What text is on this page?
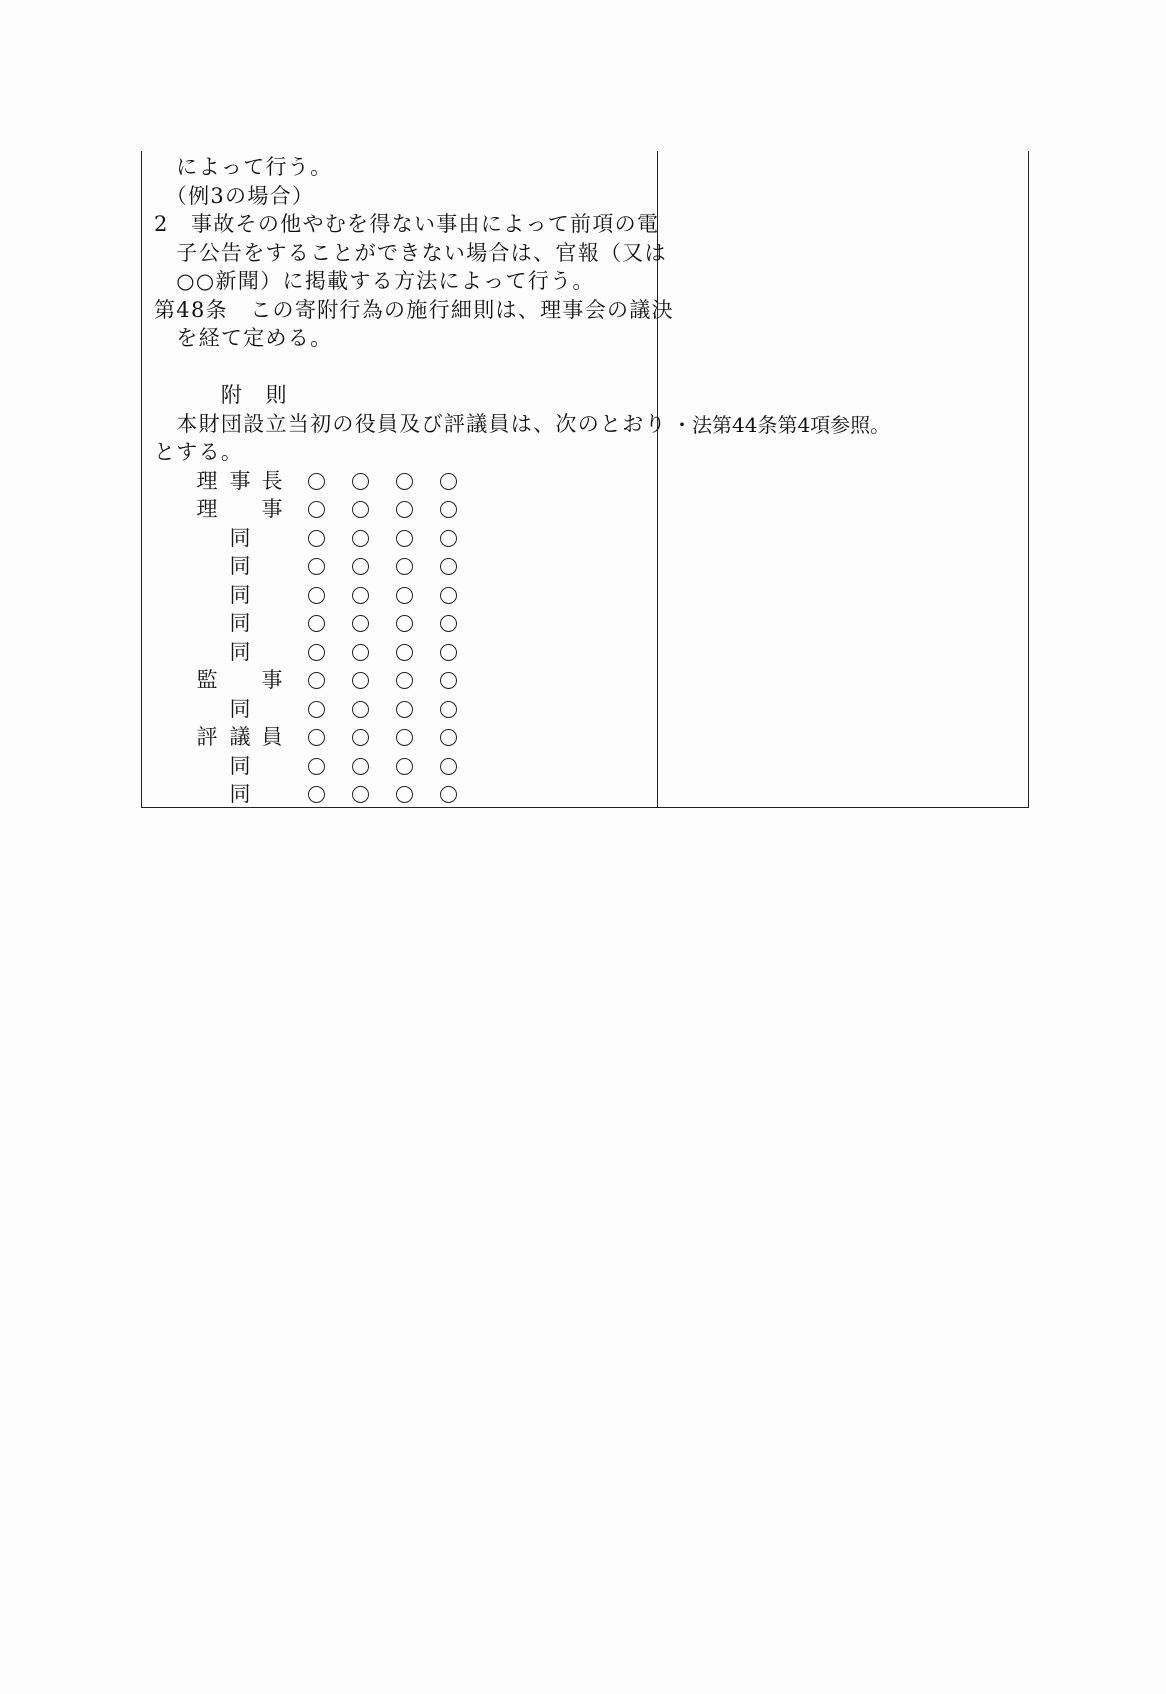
　によって行う。
　（例3の場合）
2　事故その他やむを得ない事由によって前項の電
　子公告をすることができない場合は、官報（又は
　○○新聞）に掲載する方法によって行う。
第48条　この寄附行為の施行細則は、理事会の議決
　を経て定める。
　　　附　則
　本財団設立当初の役員及び評議員は、次のとおり
とする。
理 事 長
理 事
同
同
同
同
同
監 事
同
評 議 員
同
同
・法第44条第4項参照。
